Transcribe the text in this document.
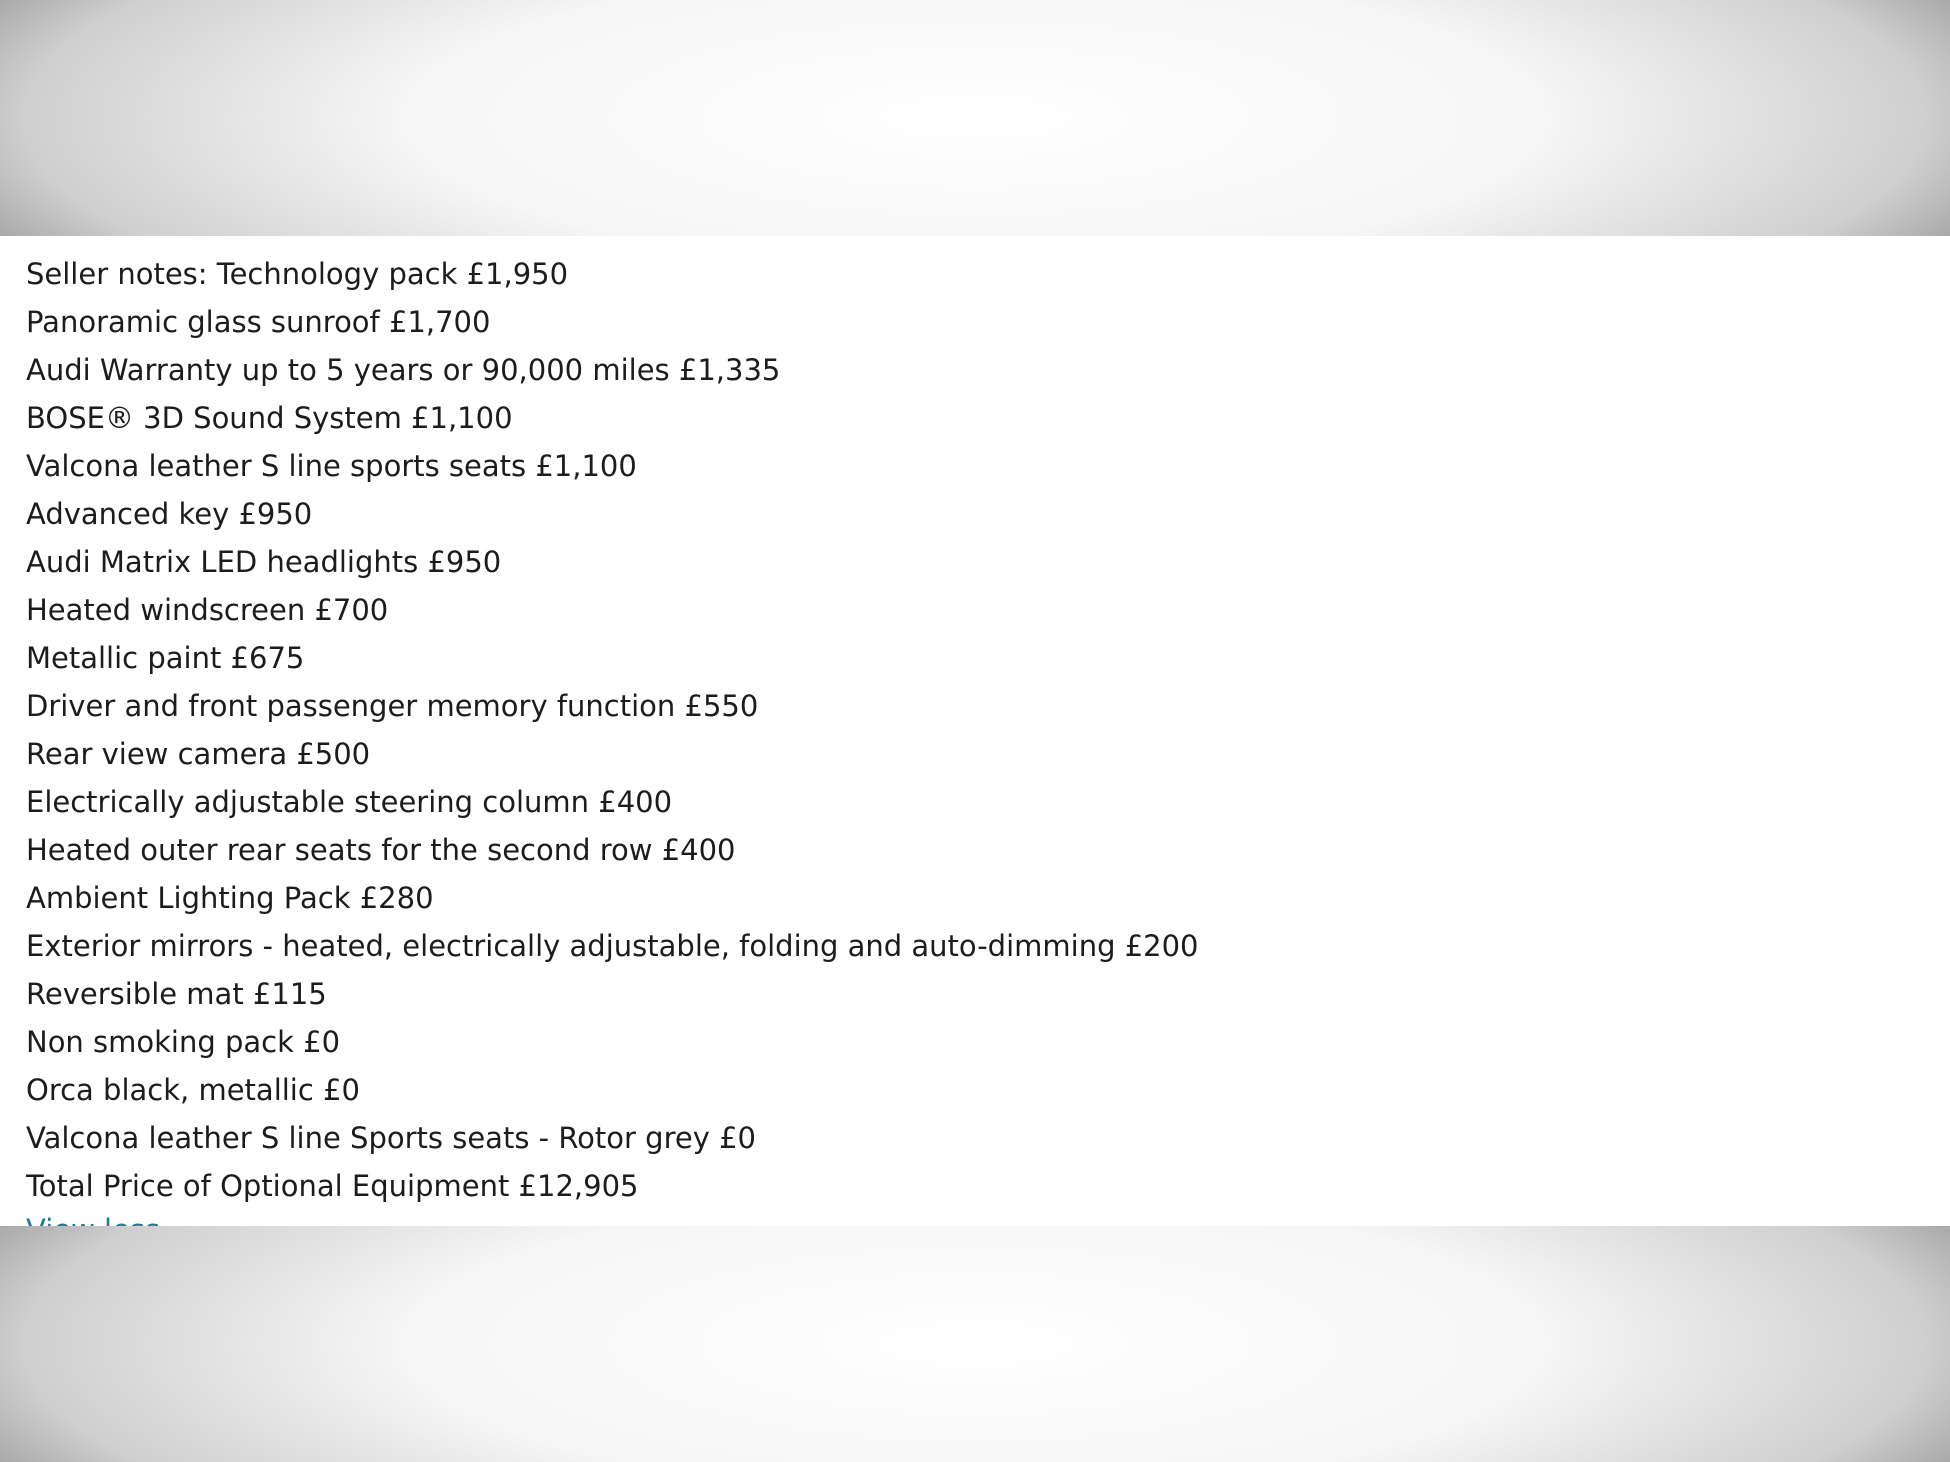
Seller notes: Technology pack £1,950
Panoramic glass sunroof £1,700
Audi Warranty up to 5 years or 90,000 miles £1,335
BOSE® 3D Sound System £1,100
Valcona leather S line sports seats £1,100
Advanced key £950
Audi Matrix LED headlights £950
Heated windscreen £700
Metallic paint £675
Driver and front passenger memory function £550
Rear view camera £500
Electrically adjustable steering column £400
Heated outer rear seats for the second row £400
Ambient Lighting Pack £280
Exterior mirrors - heated, electrically adjustable, folding and auto-dimming £200
Reversible mat £115
Non smoking pack £0
Orca black, metallic £0
Valcona leather S line Sports seats - Rotor grey £0
Total Price of Optional Equipment £12,905
